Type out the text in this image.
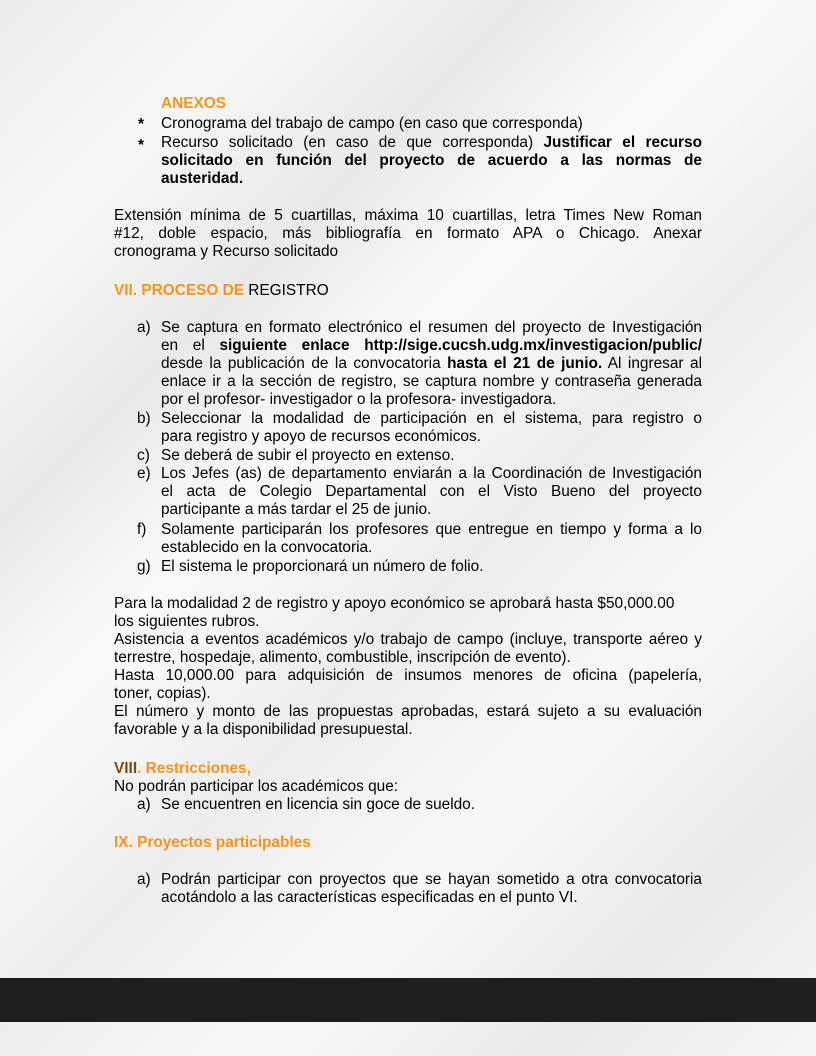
ANEXOS
* Cronograma del trabajo de campo (en caso que corresponda)
* Recurso solicitado (en caso de que corresponda) Justificar el recurso
solicitado en función del proyecto de acuerdo a las normas de
austeridad.
Extensión mínima de 5 cuartillas, máxima 10 cuartillas, letra Times New Roman
#12, doble espacio, más bibliografía en formato APA o Chicago. Anexar
cronograma y Recurso solicitado
VII. PROCESO DE REGISTRO
a) Se captura en formato electrónico el resumen del proyecto de Investigación
en el siguiente enlace http://sige.cucsh.udg.mx/investigacion/public/
desde la publicación de la convocatoria hasta el 21 de junio. Al ingresar al
enlace ir a la sección de registro, se captura nombre y contraseña generada
por el profesor- investigador o la profesora- investigadora.
b) Seleccionar la modalidad de participación en el sistema, para registro o
para registro y apoyo de recursos económicos.
c) Se deberá de subir el proyecto en extenso.
e) Los Jefes (as) de departamento enviarán a la Coordinación de Investigación
el acta de Colegio Departamental con el Visto Bueno del proyecto
participante a más tardar el 25 de junio.
f) Solamente participarán los profesores que entregue en tiempo y forma a lo
establecido en la convocatoria.
g) El sistema le proporcionará un número de folio.
Para la modalidad 2 de registro y apoyo económico se aprobará hasta $50,000.00
los siguientes rubros.
Asistencia a eventos académicos y/o trabajo de campo (incluye, transporte aéreo y
terrestre, hospedaje, alimento, combustible, inscripción de evento).
Hasta 10,000.00 para adquisición de insumos menores de oficina (papelería,
toner, copias).
El número y monto de las propuestas aprobadas, estará sujeto a su evaluación
favorable y a la disponibilidad presupuestal.
VIII. Restricciones,
No podrán participar los académicos que:
a) Se encuentren en licencia sin goce de sueldo.
IX. Proyectos participables
a) Podrán participar con proyectos que se hayan sometido a otra convocatoria
acotándolo a las características especificadas en el punto VI.
